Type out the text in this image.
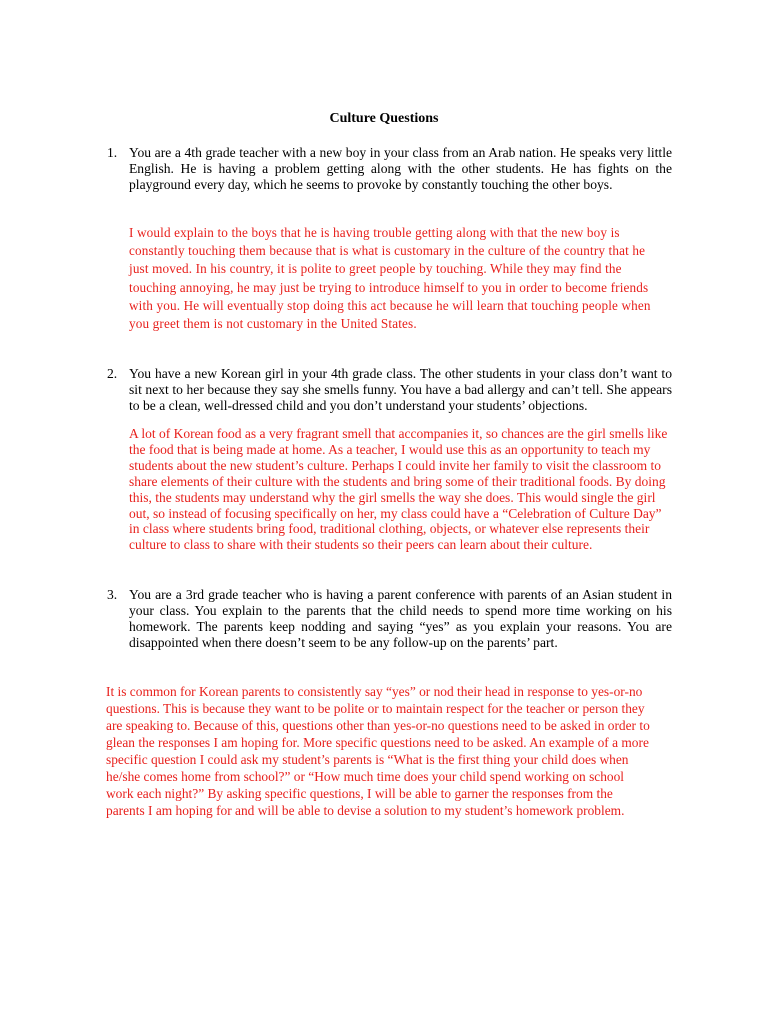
Culture Questions
1. You are a 4th grade teacher with a new boy in your class from an Arab nation. He speaks very little English. He is having a problem getting along with the other students. He has fights on the playground every day, which he seems to provoke by constantly touching the other boys.
I would explain to the boys that he is having trouble getting along with that the new boy is constantly touching them because that is what is customary in the culture of the country that he just moved. In his country, it is polite to greet people by touching. While they may find the touching annoying, he may just be trying to introduce himself to you in order to become friends with you. He will eventually stop doing this act because he will learn that touching people when you greet them is not customary in the United States.
2. You have a new Korean girl in your 4th grade class. The other students in your class don’t want to sit next to her because they say she smells funny. You have a bad allergy and can’t tell. She appears to be a clean, well-dressed child and you don’t understand your students’ objections.
A lot of Korean food as a very fragrant smell that accompanies it, so chances are the girl smells like the food that is being made at home. As a teacher, I would use this as an opportunity to teach my students about the new student’s culture. Perhaps I could invite her family to visit the classroom to share elements of their culture with the students and bring some of their traditional foods. By doing this, the students may understand why the girl smells the way she does. This would single the girl out, so instead of focusing specifically on her, my class could have a “Celebration of Culture Day” in class where students bring food, traditional clothing, objects, or whatever else represents their culture to class to share with their students so their peers can learn about their culture.
3. You are a 3rd grade teacher who is having a parent conference with parents of an Asian student in your class. You explain to the parents that the child needs to spend more time working on his homework. The parents keep nodding and saying “yes” as you explain your reasons. You are disappointed when there doesn’t seem to be any follow-up on the parents’ part.
It is common for Korean parents to consistently say “yes” or nod their head in response to yes-or-no questions. This is because they want to be polite or to maintain respect for the teacher or person they are speaking to. Because of this, questions other than yes-or-no questions need to be asked in order to glean the responses I am hoping for. More specific questions need to be asked. An example of a more specific question I could ask my student’s parents is “What is the first thing your child does when he/she comes home from school?” or “How much time does your child spend working on school work each night?” By asking specific questions, I will be able to garner the responses from the parents I am hoping for and will be able to devise a solution to my student’s homework problem.
